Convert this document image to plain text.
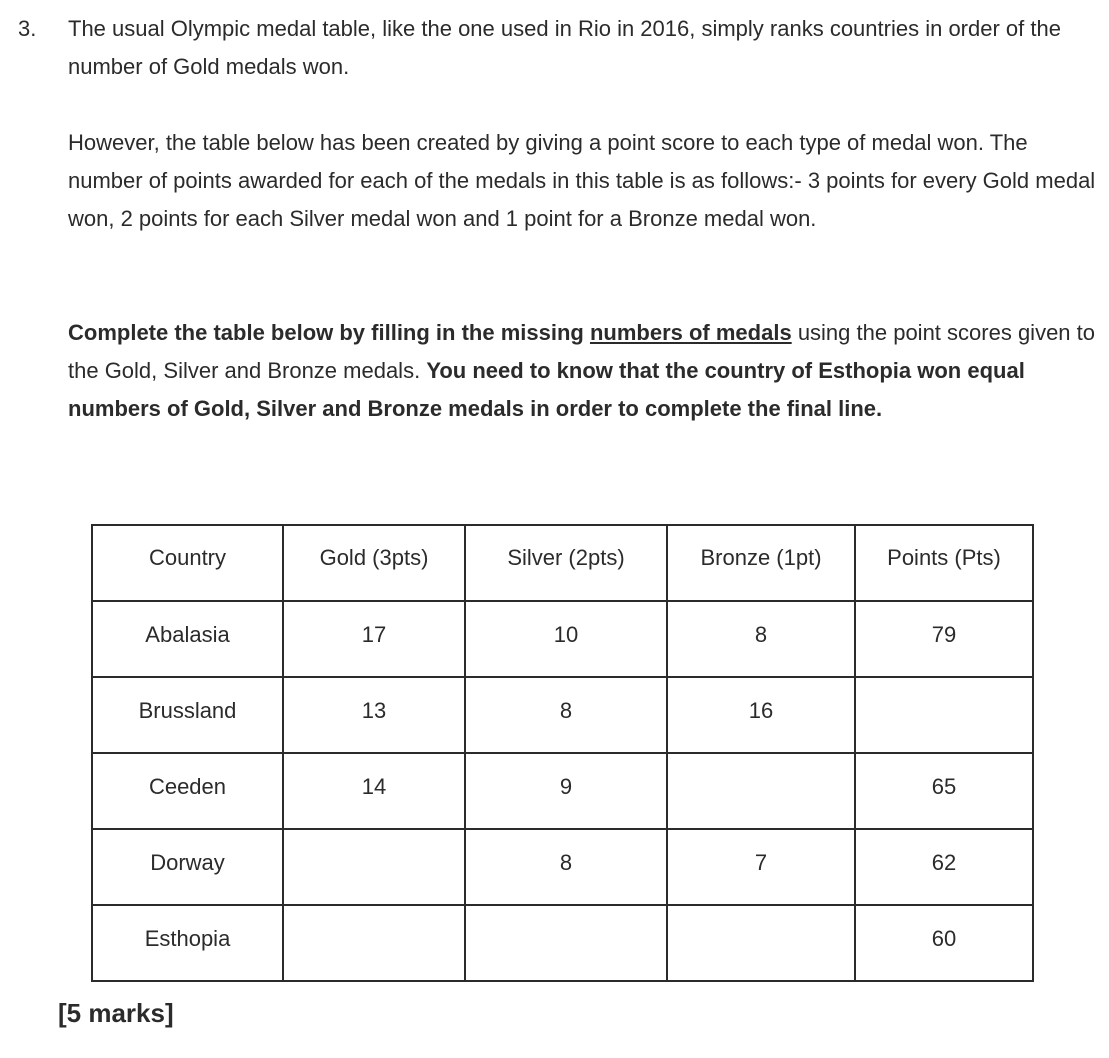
3. The usual Olympic medal table, like the one used in Rio in 2016, simply ranks countries in order of the number of Gold medals won.

However, the table below has been created by giving a point score to each type of medal won. The number of points awarded for each of the medals in this table is as follows:- 3 points for every Gold medal won, 2 points for each Silver medal won and 1 point for a Bronze medal won.

Complete the table below by filling in the missing numbers of medals using the point scores given to the Gold, Silver and Bronze medals. You need to know that the country of Esthopia won equal numbers of Gold, Silver and Bronze medals in order to complete the final line.

Country	Gold (3pts)	Silver (2pts)	Bronze (1pt)	Points (Pts)
Abalasia	17	10	8	79
Brussland	13	8	16	
Ceeden	14	9		65
Dorway		8	7	62
Esthopia				60
[5 marks]
